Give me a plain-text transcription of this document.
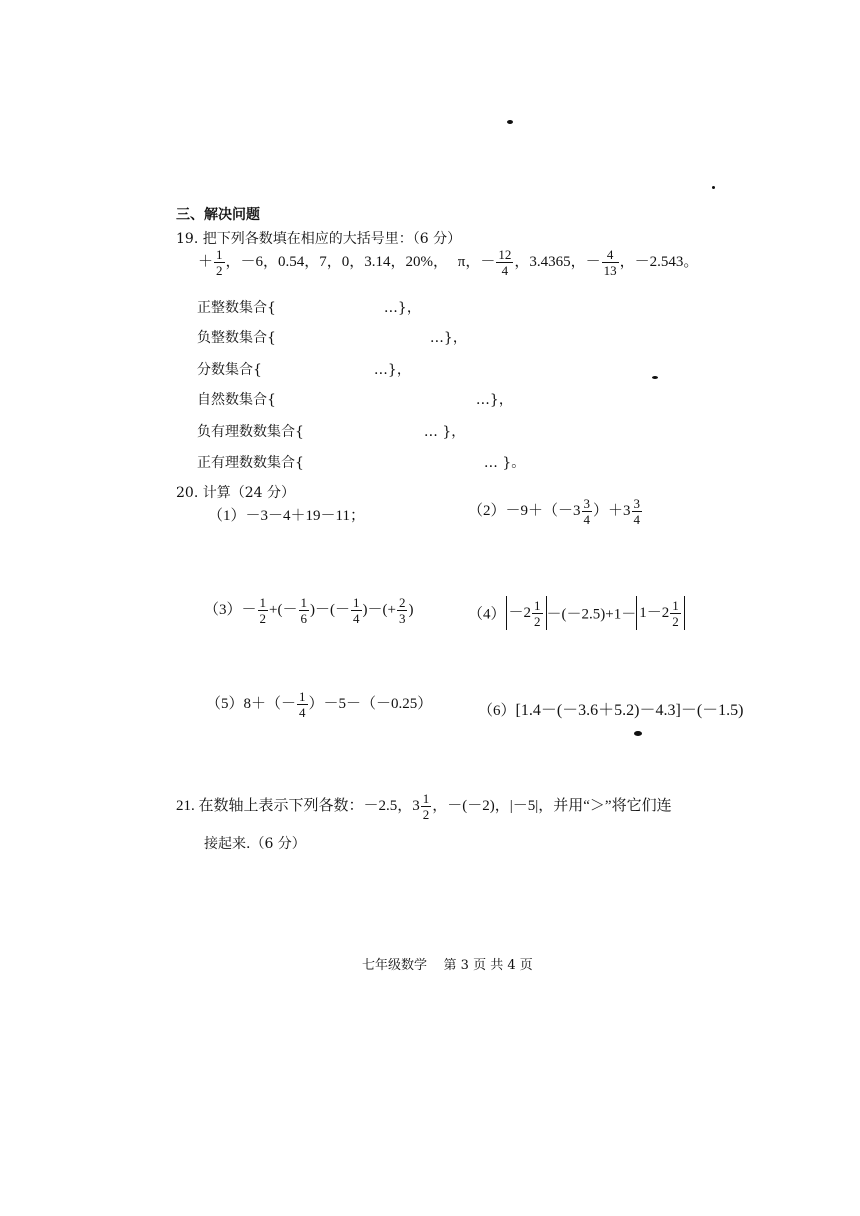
三、解决问题
19. 把下列各数填在相应的大括号里：（6 分）
＋ $\frac{1}{2}$ ，－6，0.54，7，0，3.14，20%， π，－ $\frac{12}{4}$ ，3.4365，－ $\frac{4}{13}$ ，－2.543。
正整数集合{	…}，
负整数集合{	…}，
分数集合{	…}，
自然数集合{	…}，
负有理数数集合{	… }，
正有理数数集合{	… }。
20. 计算（24 分）
（1）－3－4＋19－11；	$(2)-9+(-3 \frac{3}{4} )+3 \frac{3}{4}$
$(3)- \frac{1}{2}$ +(－ $\frac{1}{6}$ )－(－ $\frac{1}{4}$ )－(+ $\frac{2}{3}$ )	$(4) -2 \frac{1}{2} -(-2.5)+1- 1-2 \frac{1}{2}$
$(5)8+(- \frac{1}{4} )-5-(-0.25)$	（6）[1.4－(－3.6＋5.2)－4.3]－(－1.5)
21. 在数轴上表示下列各数：－2.5，$3 \frac{1}{2}$ ，－(－2)，|－5|，并用“＞”将它们连
接起来.（6 分）
七年级数学    第 3 页 共 4 页
